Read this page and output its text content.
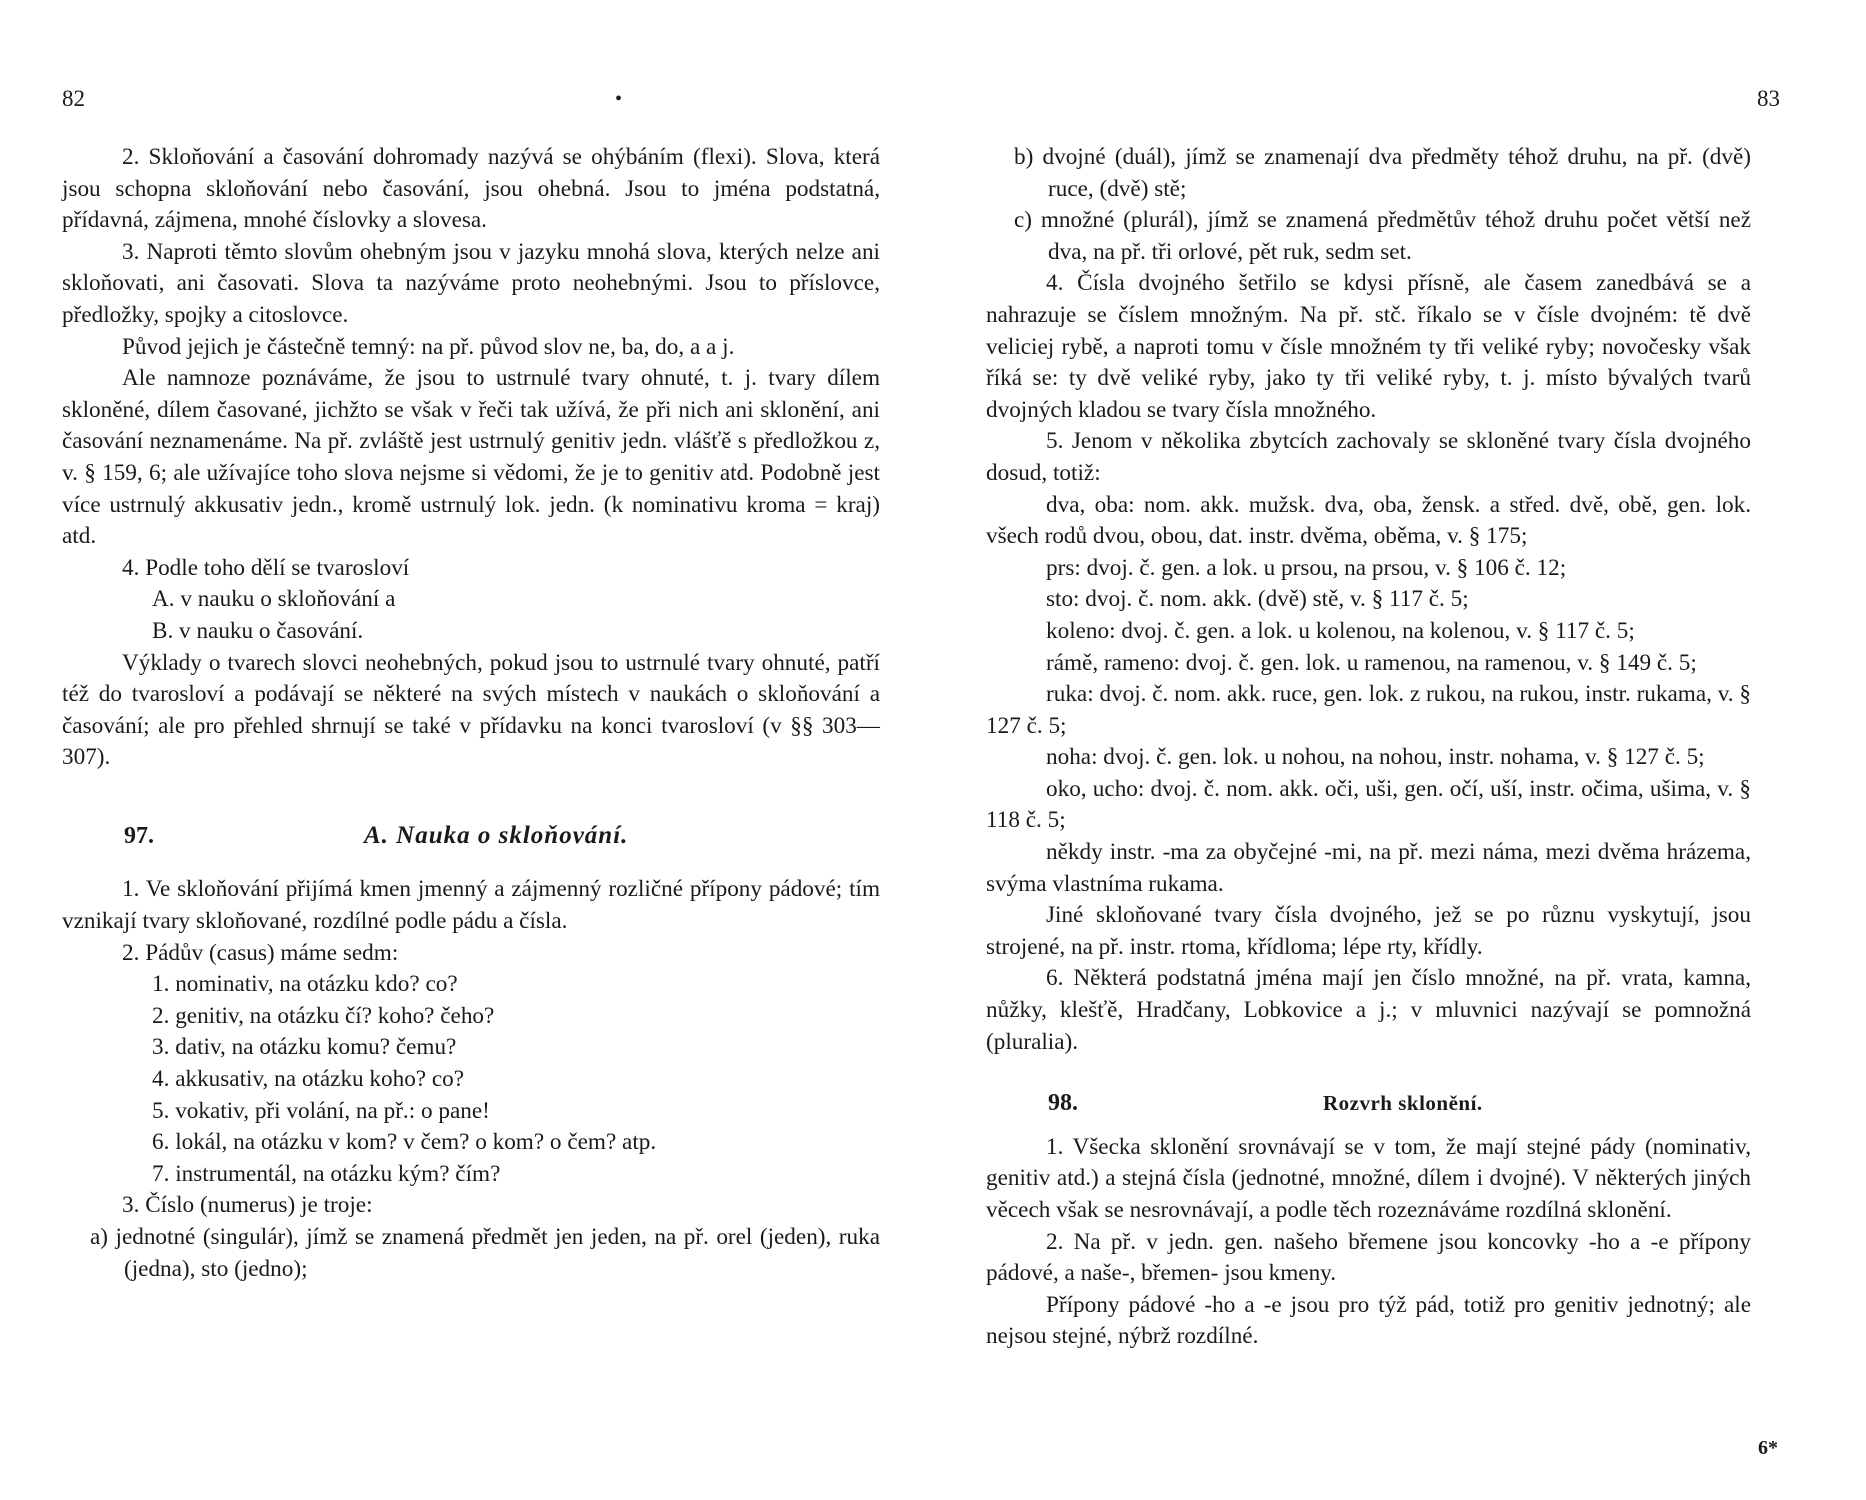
82	•

2. Skloňování a časování dohromady nazývá se ohýbáním (flexi). Slova, která jsou schopna skloňování nebo časování, jsou ohebná. Jsou to jména podstatná, přídavná, zájmena, mnohé číslovky a slovesa.

3. Naproti těmto slovům ohebným jsou v jazyku mnohá slova, kterých nelze ani skloňovati, ani časovati. Slova ta nazýváme proto neohebnými. Jsou to příslovce, předložky, spojky a citoslovce.

Původ jejich je částečně temný: na př. původ slov ne, ba, do, a a j.

Ale namnoze poznáváme, že jsou to ustrnulé tvary ohnuté, t. j. tvary dílem skloněné, dílem časované, jichžto se však v řeči tak užívá, že při nich ani sklonění, ani časování neznamenáme. Na př. zvláště jest ustrnulý genitiv jedn. vlášťě s předložkou z, v. § 159, 6; ale užívajíce toho slova nejsme si vědomi, že je to genitiv atd. Podobně jest více ustrnulý akkusativ jedn., kromě ustrnulý lok. jedn. (k nominativu kroma = kraj) atd.

4. Podle toho dělí se tvarosloví

A. v nauku o skloňování a

B. v nauku o časování.

Výklady o tvarech slovci neohebných, pokud jsou to ustrnulé tvary ohnuté, patří též do tvarosloví a podávají se některé na svých místech v naukách o skloňování a časování; ale pro přehled shrnují se také v přídavku na konci tvarosloví (v §§ 303—307).

97.	A. Nauka o skloňování.

1. Ve skloňování přijímá kmen jmenný a zájmenný rozličné přípony pádové; tím vznikají tvary skloňované, rozdílné podle pádu a čísla.

2. Pádův (casus) máme sedm:

1. nominativ, na otázku kdo? co?

2. genitiv, na otázku čí? koho? čeho?

3. dativ, na otázku komu? čemu?

4. akkusativ, na otázku koho? co?

5. vokativ, při volání, na př.: o pane!

6. lokál, na otázku v kom? v čem? o kom? o čem? atp.

7. instrumentál, na otázku kým? čím?

3. Číslo (numerus) je troje:

a) jednotné (singulár), jímž se znamená předmět jen jeden, na př. orel (jeden), ruka (jedna), sto (jedno);

83

b) dvojné (duál), jímž se znamenají dva předměty téhož druhu, na př. (dvě) ruce, (dvě) stě;

c) množné (plurál), jímž se znamená předmětův téhož druhu počet větší než dva, na př. tři orlové, pět ruk, sedm set.

4. Čísla dvojného šetřilo se kdysi přísně, ale časem zanedbává se a nahrazuje se číslem množným. Na př. stč. říkalo se v čísle dvojném: tě dvě veliciej rybě, a naproti tomu v čísle množném ty tři veliké ryby; novočesky však říká se: ty dvě veliké ryby, jako ty tři veliké ryby, t. j. místo bývalých tvarů dvojných kladou se tvary čísla množného.

5. Jenom v několika zbytcích zachovaly se skloněné tvary čísla dvojného dosud, totiž:

dva, oba: nom. akk. mužsk. dva, oba, žensk. a střed. dvě, obě, gen. lok. všech rodů dvou, obou, dat. instr. dvěma, oběma, v. § 175;

prs: dvoj. č. gen. a lok. u prsou, na prsou, v. § 106 č. 12;

sto: dvoj. č. nom. akk. (dvě) stě, v. § 117 č. 5;

koleno: dvoj. č. gen. a lok. u kolenou, na kolenou, v. § 117 č. 5;

rámě, rameno: dvoj. č. gen. lok. u ramenou, na ramenou, v. § 149 č. 5;

ruka: dvoj. č. nom. akk. ruce, gen. lok. z rukou, na rukou, instr. rukama, v. § 127 č. 5;

noha: dvoj. č. gen. lok. u nohou, na nohou, instr. nohama, v. § 127 č. 5;

oko, ucho: dvoj. č. nom. akk. oči, uši, gen. očí, uší, instr. očima, ušima, v. § 118 č. 5;

někdy instr. -ma za obyčejné -mi, na př. mezi náma, mezi dvěma hrázema, svýma vlastníma rukama.

Jiné skloňované tvary čísla dvojného, jež se po různu vyskytují, jsou strojené, na př. instr. rtoma, křídloma; lépe rty, křídly.

6. Některá podstatná jména mají jen číslo množné, na př. vrata, kamna, nůžky, klešťě, Hradčany, Lobkovice a j.; v mluvnici nazývají se pomnožná (pluralia).

98.	Rozvrh sklonění.

1. Všecka sklonění srovnávají se v tom, že mají stejné pády (nominativ, genitiv atd.) a stejná čísla (jednotné, množné, dílem i dvojné). V některých jiných věcech však se nesrovnávají, a podle těch rozeznáváme rozdílná sklonění.

2. Na př. v jedn. gen. našeho břemene jsou koncovky -ho a -e přípony pádové, a naše-, břemen- jsou kmeny.

Přípony pádové -ho a -e jsou pro týž pád, totiž pro genitiv jednotný; ale nejsou stejné, nýbrž rozdílné.

6*
